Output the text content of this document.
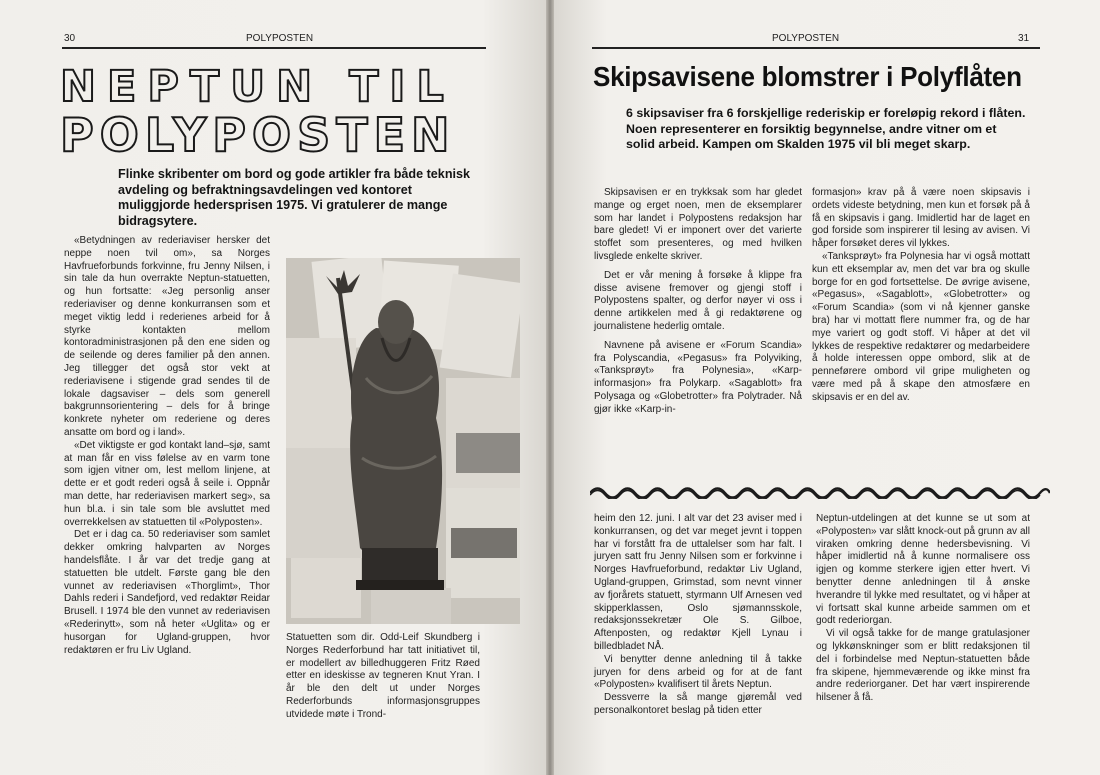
30	POLYPOSTEN
NEPTUN TIL
POLYPOSTEN
Flinke skribenter om bord og gode artikler fra både teknisk avdeling og befraktningsavdelingen ved kontoret muliggjorde hedersprisen 1975. Vi gratulerer de mange bidragsytere.

«Betydningen av rederiaviser hersker det neppe noen tvil om», sa Norges Havfrueforbunds forkvinne, fru Jenny Nilsen, i sin tale da hun overrakte Neptun-statuetten, og hun fortsatte: «Jeg personlig anser rederiaviser og denne konkurransen som et meget viktig ledd i rederienes arbeid for å styrke kontakten mellom kontoradministrasjonen på den ene siden og de seilende og deres familier på den annen. Jeg tillegger det også stor vekt at rederiavisene i stigende grad sendes til de lokale dagsaviser – dels som generell bakgrunnsorientering – dels for å bringe konkrete nyheter om rederiene og deres ansatte om bord og i land».

«Det viktigste er god kontakt land–sjø, samt at man får en viss følelse av en varm tone som igjen vitner om, lest mellom linjene, at dette er et godt rederi også å seile i. Oppnår man dette, har rederiavisen markert seg», sa hun bl.a. i sin tale som ble avsluttet med overrekkelsen av statuetten til «Polyposten».

Det er i dag ca. 50 rederiaviser som samlet dekker omkring halvparten av Norges handelsflåte. I år var det tredje gang at statuetten ble utdelt. Første gang ble den vunnet av rederiavisen «Thorglimt», Thor Dahls rederi i Sandefjord, ved redaktør Reidar Brusell. I 1974 ble den vunnet av rederiavisen «Rederinytt», som nå heter «Uglita» og er husorgan for Ugland-gruppen, hvor redaktøren er fru Liv Ugland.

Statuetten som dir. Odd-Leif Skundberg i Norges Rederforbund har tatt initiativet til, er modellert av billedhuggeren Fritz Røed etter en ideskisse av tegneren Knut Yran. I år ble den delt ut under Norges Rederforbunds informasjonsgruppes utvidede møte i Trond-
POLYPOSTEN	31
Skipsavisene blomstrer i Polyflåten
6 skipsaviser fra 6 forskjellige rederiskip er foreløpig rekord i flåten. Noen representerer en forsiktig begynnelse, andre vitner om et solid arbeid. Kampen om Skalden 1975 vil bli meget skarp.

Skipsavisen er en trykksak som har gledet mange og erget noen, men de eksemplarer som har landet i Polypostens redaksjon har bare gledet! Vi er imponert over det varierte stoffet som presenteres, og med hvilken livsglede enkelte skriver.

Det er vår mening å forsøke å klippe fra disse avisene fremover og gjengi stoff i Polypostens spalter, og derfor nøyer vi oss i denne artikkelen med å gi redaktørene og journalistene hederlig omtale.

Navnene på avisene er «Forum Scandia» fra Polyscandia, «Pegasus» fra Polyviking, «Tanksprøyt» fra Polynesia», «Karp-informasjon» fra Polykarp. «Sagablott» fra Polysaga og «Globetrotter» fra Polytrader. Nå gjør ikke «Karp-in-

formasjon» krav på å være noen skipsavis i ordets videste betydning, men kun et forsøk på å få en skipsavis i gang. Imidlertid har de laget en god forside som inspirerer til lesing av avisen. Vi håper forsøket deres vil lykkes.

«Tanksprøyt» fra Polynesia har vi også mottatt kun ett eksemplar av, men det var bra og skulle borge for en god fortsettelse. De øvrige avisene, «Pegasus», «Sagablott», «Globetrotter» og «Forum Scandia» (som vi nå kjenner ganske bra) har vi mottatt flere nummer fra, og de har mye variert og godt stoff. Vi håper at det vil lykkes de respektive redaktører og medarbeidere å holde interessen oppe ombord, slik at de penneførere ombord vil gripe muligheten og være med på å skape den atmosfære en skipsavis er en del av.

heim den 12. juni. I alt var det 23 aviser med i konkurransen, og det var meget jevnt i toppen har vi forstått fra de uttalelser som har falt. I juryen satt fru Jenny Nilsen som er forkvinne i Norges Havfrueforbund, redaktør Liv Ugland, Ugland-gruppen, Grimstad, som nevnt vinner av fjorårets statuett, styrmann Ulf Arnesen ved skipperklassen, Oslo sjømannsskole, redaksjonssekretær Ole S. Gilboe, Aftenposten, og redaktør Kjell Lynau i billedbladet NÅ.

Vi benytter denne anledning til å takke juryen for dens arbeid og for at de fant «Polyposten» kvalifisert til årets Neptun.

Dessverre la så mange gjøremål ved personalkontoret beslag på tiden etter

Neptun-utdelingen at det kunne se ut som at «Polyposten» var slått knock-out på grunn av all viraken omkring denne hedersbevisning. Vi håper imidlertid nå å kunne normalisere oss igjen og komme sterkere igjen etter hvert. Vi benytter denne anledningen til å ønske hverandre til lykke med resultatet, og vi håper at vi fortsatt skal kunne arbeide sammen om et godt rederiorgan.

Vi vil også takke for de mange gratulasjoner og lykkønskninger som er blitt redaksjonen til del i forbindelse med Neptun-statuetten både fra skipene, hjemmeværende og ikke minst fra andre rederiorganer. Det har vært inspirerende hilsener å få.
